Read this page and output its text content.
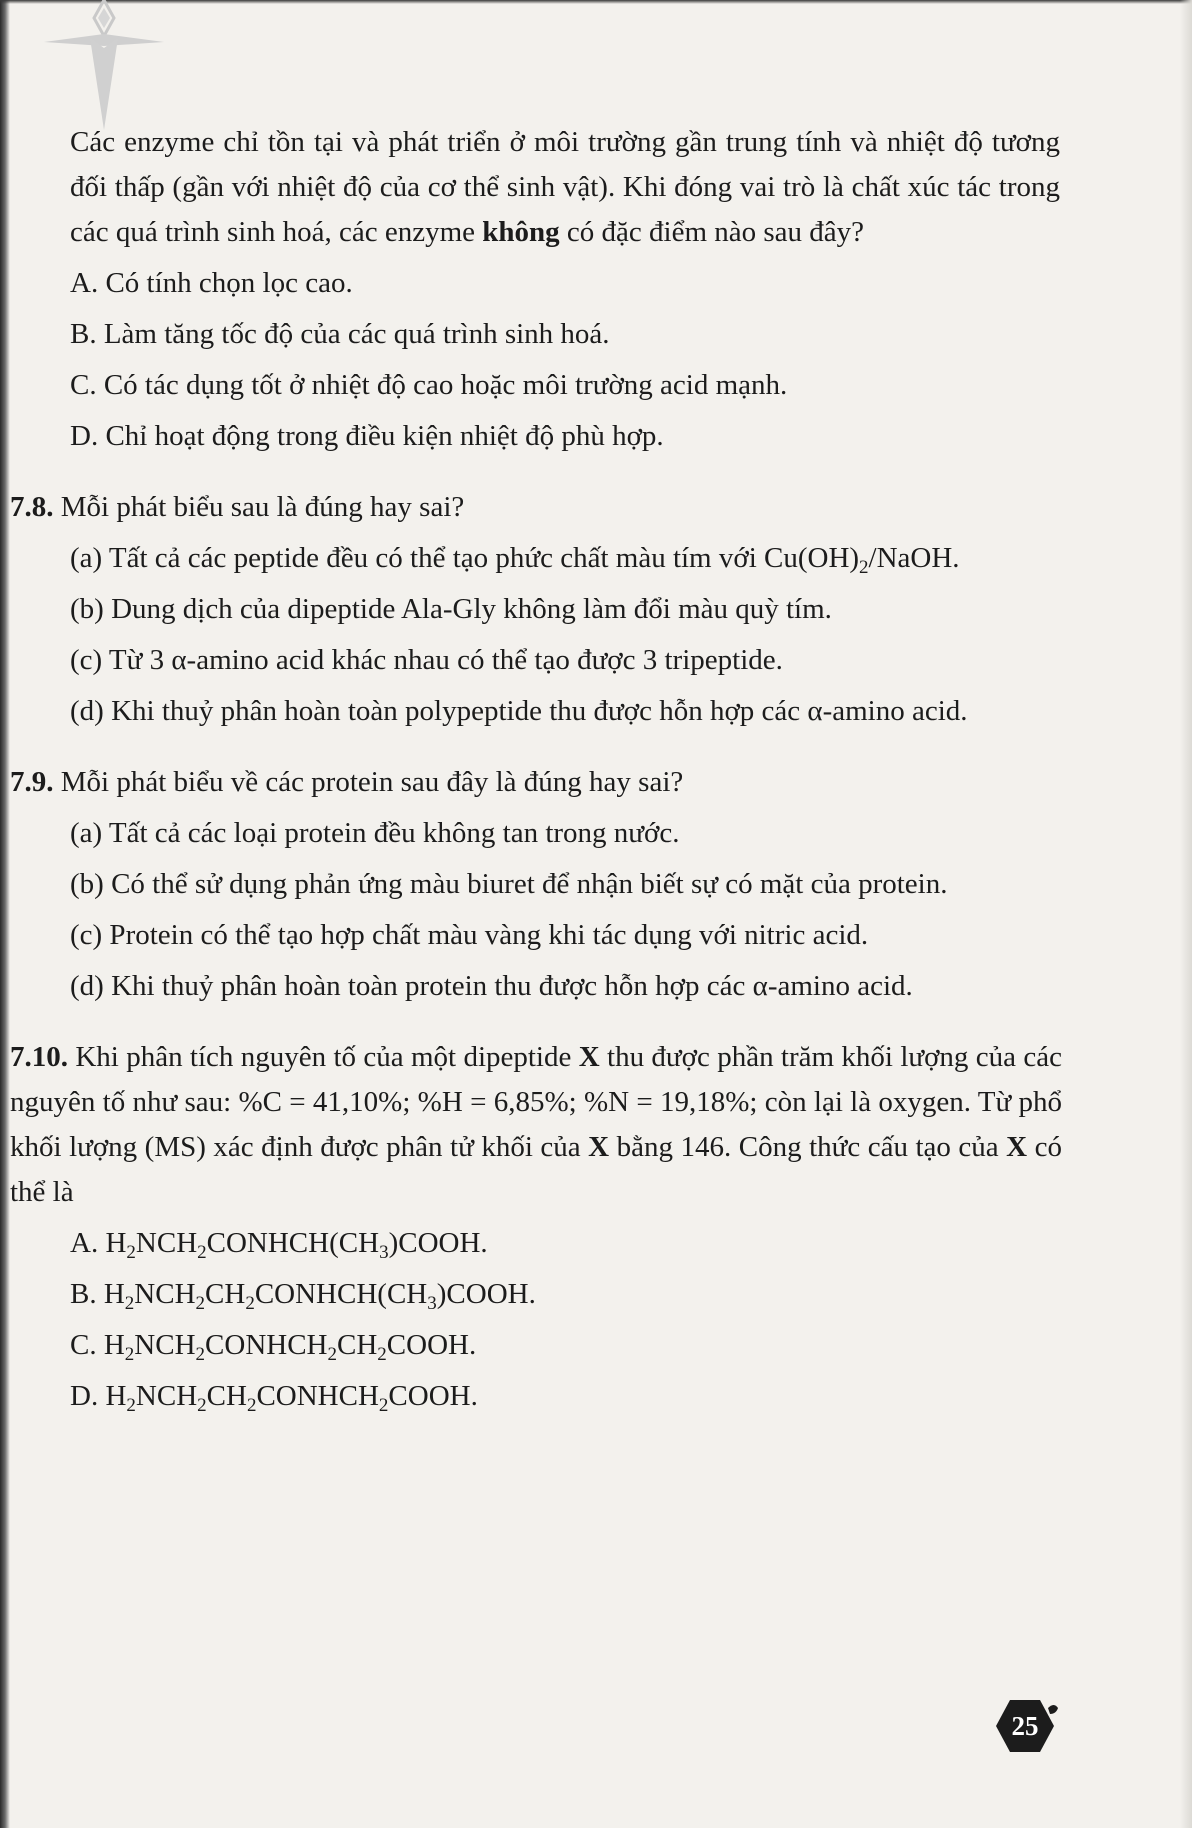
Các enzyme chỉ tồn tại và phát triển ở môi trường gần trung tính và nhiệt độ tương đối thấp (gần với nhiệt độ của cơ thể sinh vật). Khi đóng vai trò là chất xúc tác trong các quá trình sinh hoá, các enzyme không có đặc điểm nào sau đây?
A. Có tính chọn lọc cao.
B. Làm tăng tốc độ của các quá trình sinh hoá.
C. Có tác dụng tốt ở nhiệt độ cao hoặc môi trường acid mạnh.
D. Chỉ hoạt động trong điều kiện nhiệt độ phù hợp.
7.8. Mỗi phát biểu sau là đúng hay sai?
(a) Tất cả các peptide đều có thể tạo phức chất màu tím với $Cu(OH)_2$/NaOH.
(b) Dung dịch của dipeptide Ala-Gly không làm đổi màu quỳ tím.
(c) Từ 3 α-amino acid khác nhau có thể tạo được 3 tripeptide.
(d) Khi thuỷ phân hoàn toàn polypeptide thu được hỗn hợp các α-amino acid.
7.9. Mỗi phát biểu về các protein sau đây là đúng hay sai?
(a) Tất cả các loại protein đều không tan trong nước.
(b) Có thể sử dụng phản ứng màu biuret để nhận biết sự có mặt của protein.
(c) Protein có thể tạo hợp chất màu vàng khi tác dụng với nitric acid.
(d) Khi thuỷ phân hoàn toàn protein thu được hỗn hợp các α-amino acid.
7.10. Khi phân tích nguyên tố của một dipeptide X thu được phần trăm khối lượng của các nguyên tố như sau: %C = 41,10%; %H = 6,85%; %N = 19,18%; còn lại là oxygen. Từ phổ khối lượng (MS) xác định được phân tử khối của X bằng 146. Công thức cấu tạo của X có thể là
A. $H_2NCH_2CONHCH(CH_3)COOH$.
B. $H_2NCH_2CH_2CONHCH(CH_3)COOH$.
C. $H_2NCH_2CONHCH_2CH_2COOH$.
D. $H_2NCH_2CH_2CONHCH_2COOH$.
25
